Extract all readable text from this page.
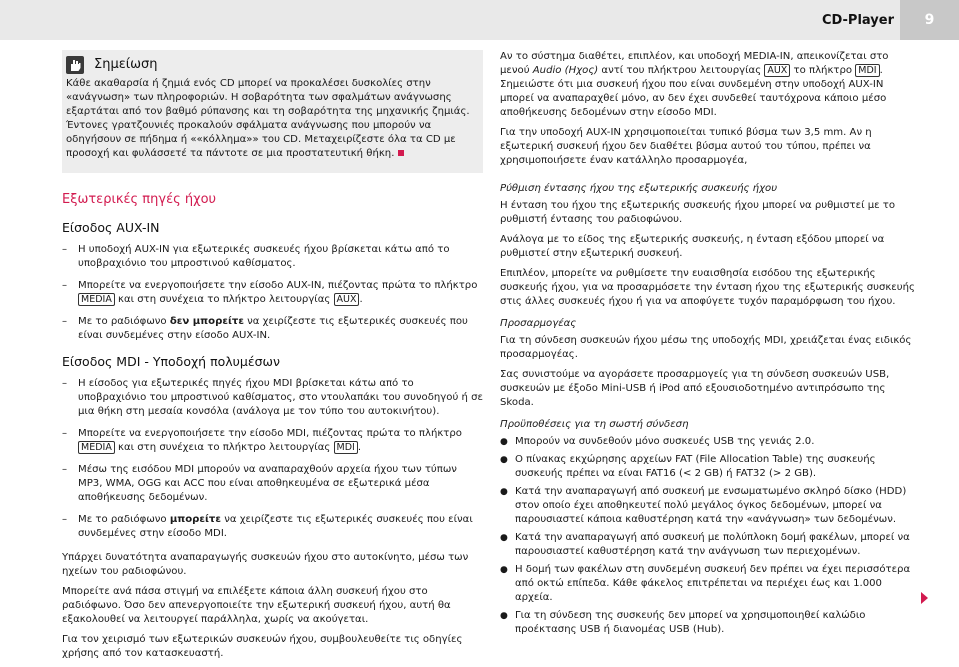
CD-Player	9
Σημείωση

Κάθε ακαθαρσία ή ζημιά ενός CD μπορεί να προκαλέσει δυσκολίες στην «ανάγνωση» των πληροφοριών. Η σοβαρότητα των σφαλμάτων ανάγνωσης εξαρτάται από τον βαθμό ρύπανσης και τη σοβαρότητα της μηχανικής ζημιάς. Έντονες γρατζουνιές προκαλούν σφάλματα ανάγνωσης που μπορούν να οδηγήσουν σε πήδημα ή ««κόλλημα»» του CD. Μεταχειρίζεστε όλα τα CD με προσοχή και φυλάσσετέ τα πάντοτε σε μια προστατευτική θήκη.

Εξωτερικές πηγές ήχου
Είσοδος AUX-IN
–	Η υποδοχή AUX-IN για εξωτερικές συσκευές ήχου βρίσκεται κάτω από το υποβραχιόνιο του μπροστινού καθίσματος.
–	Μπορείτε να ενεργοποιήσετε την είσοδο AUX-IN, πιέζοντας πρώτα το πλήκτρο
MEDIA και στη συνέχεια το πλήκτρο λειτουργίας AUX .
–	Με το ραδιόφωνο δεν μπορείτε να χειρίζεστε τις εξωτερικές συσκευές που είναι συνδεμένες στην είσοδο AUX-IN.
Είσοδος MDI - Υποδοχή πολυμέσων
–	Η είσοδος για εξωτερικές πηγές ήχου MDI βρίσκεται κάτω από το υποβραχιόνιο του μπροστινού καθίσματος, στο ντουλαπάκι του συνοδηγού ή σε μια θήκη στη μεσαία κονσόλα (ανάλογα με τον τύπο του αυτοκινήτου).
–	Μπορείτε να ενεργοποιήσετε την είσοδο MDI, πιέζοντας πρώτα το πλήκτρο
MEDIA και στη συνέχεια το πλήκτρο λειτουργίας MDI .
–	Μέσω της εισόδου MDI μπορούν να αναπαραχθούν αρχεία ήχου των τύπων MP3, WMA, OGG και ACC που είναι αποθηκευμένα σε εξωτερικά μέσα αποθήκευσης δεδομένων.
–	Με το ραδιόφωνο μπορείτε να χειρίζεστε τις εξωτερικές συσκευές που είναι συνδεμένες στην είσοδο MDI.

Υπάρχει δυνατότητα αναπαραγωγής συσκευών ήχου στο αυτοκίνητο, μέσω των ηχείων του ραδιοφώνου.

Μπορείτε ανά πάσα στιγμή να επιλέξετε κάποια άλλη συσκευή ήχου στο ραδιόφωνο. Όσο δεν απενεργοποιείτε την εξωτερική συσκευή ήχου, αυτή θα εξακολουθεί να λειτουργεί παράλληλα, χωρίς να ακούγεται.

Για τον χειρισμό των εξωτερικών συσκευών ήχου, συμβουλευθείτε τις οδηγίες χρήσης από τον κατασκευαστή.

Αν το σύστημα διαθέτει, επιπλέον, και υποδοχή MEDIA-IN, απεικονίζεται στο μενού Audio (Ηχος) αντί του πλήκτρου λειτουργίας AUX το πλήκτρο MDI . Σημειώστε ότι μια συσκευή ήχου που είναι συνδεμένη στην υποδοχή AUX-IN μπορεί να αναπαραχθεί μόνο, αν δεν έχει συνδεθεί ταυτόχρονα κάποιο μέσο αποθήκευσης δεδομένων στην είσοδο MDI.

Για την υποδοχή AUX-IN χρησιμοποιείται τυπικό βύσμα των 3,5 mm. Αν η εξωτερική συσκευή ήχου δεν διαθέτει βύσμα αυτού του τύπου, πρέπει να χρησιμοποιήσετε έναν κατάλληλο προσαρμογέα,

Ρύθμιση έντασης ήχου της εξωτερικής συσκευής ήχου

Η ένταση του ήχου της εξωτερικής συσκευής ήχου μπορεί να ρυθμιστεί με το ρυθμιστή έντασης του ραδιοφώνου.

Ανάλογα με το είδος της εξωτερικής συσκευής, η ένταση εξόδου μπορεί να ρυθμιστεί στην εξωτερική συσκευή.

Επιπλέον, μπορείτε να ρυθμίσετε την ευαισθησία εισόδου της εξωτερικής συσκευής ήχου, για να προσαρμόσετε την ένταση ήχου της εξωτερικής συσκευής στις άλλες συσκευές ήχου ή για να αποφύγετε τυχόν παραμόρφωση του ήχου.

Προσαρμογέας

Για τη σύνδεση συσκευών ήχου μέσω της υποδοχής MDI, χρειάζεται ένας ειδικός προσαρμογέας.

Σας συνιστούμε να αγοράσετε προσαρμογείς για τη σύνδεση συσκευών USB, συσκευών με έξοδο Mini-USB ή iPod από εξουσιοδοτημένο αντιπρόσωπο της Skoda.

Προϋποθέσεις για τη σωστή σύνδεση
● Μπορούν να συνδεθούν μόνο συσκευές USB της γενιάς 2.0.
● Ο πίνακας εκχώρησης αρχείων FAT (File Allocation Table) της συσκευής συσκευής πρέπει να είναι FAT16 (< 2 GB) ή FAT32 (> 2 GB).
● Κατά την αναπαραγωγή από συσκευή με ενσωματωμένο σκληρό δίσκο (HDD) στον οποίο έχει αποθηκευτεί πολύ μεγάλος όγκος δεδομένων, μπορεί να παρουσιαστεί κάποια καθυστέρηση κατά την «ανάγνωση» των δεδομένων.
● Κατά την αναπαραγωγή από συσκευή με πολύπλοκη δομή φακέλων, μπορεί να παρουσιαστεί καθυστέρηση κατά την ανάγνωση των περιεχομένων.
● Η δομή των φακέλων στη συνδεμένη συσκευή δεν πρέπει να έχει περισσότερα από οκτώ επίπεδα. Κάθε φάκελος επιτρέπεται να περιέχει έως και 1.000 αρχεία.
● Για τη σύνδεση της συσκευής δεν μπορεί να χρησιμοποιηθεί καλώδιο προέκτασης USB ή διανομέας USB (Hub).
